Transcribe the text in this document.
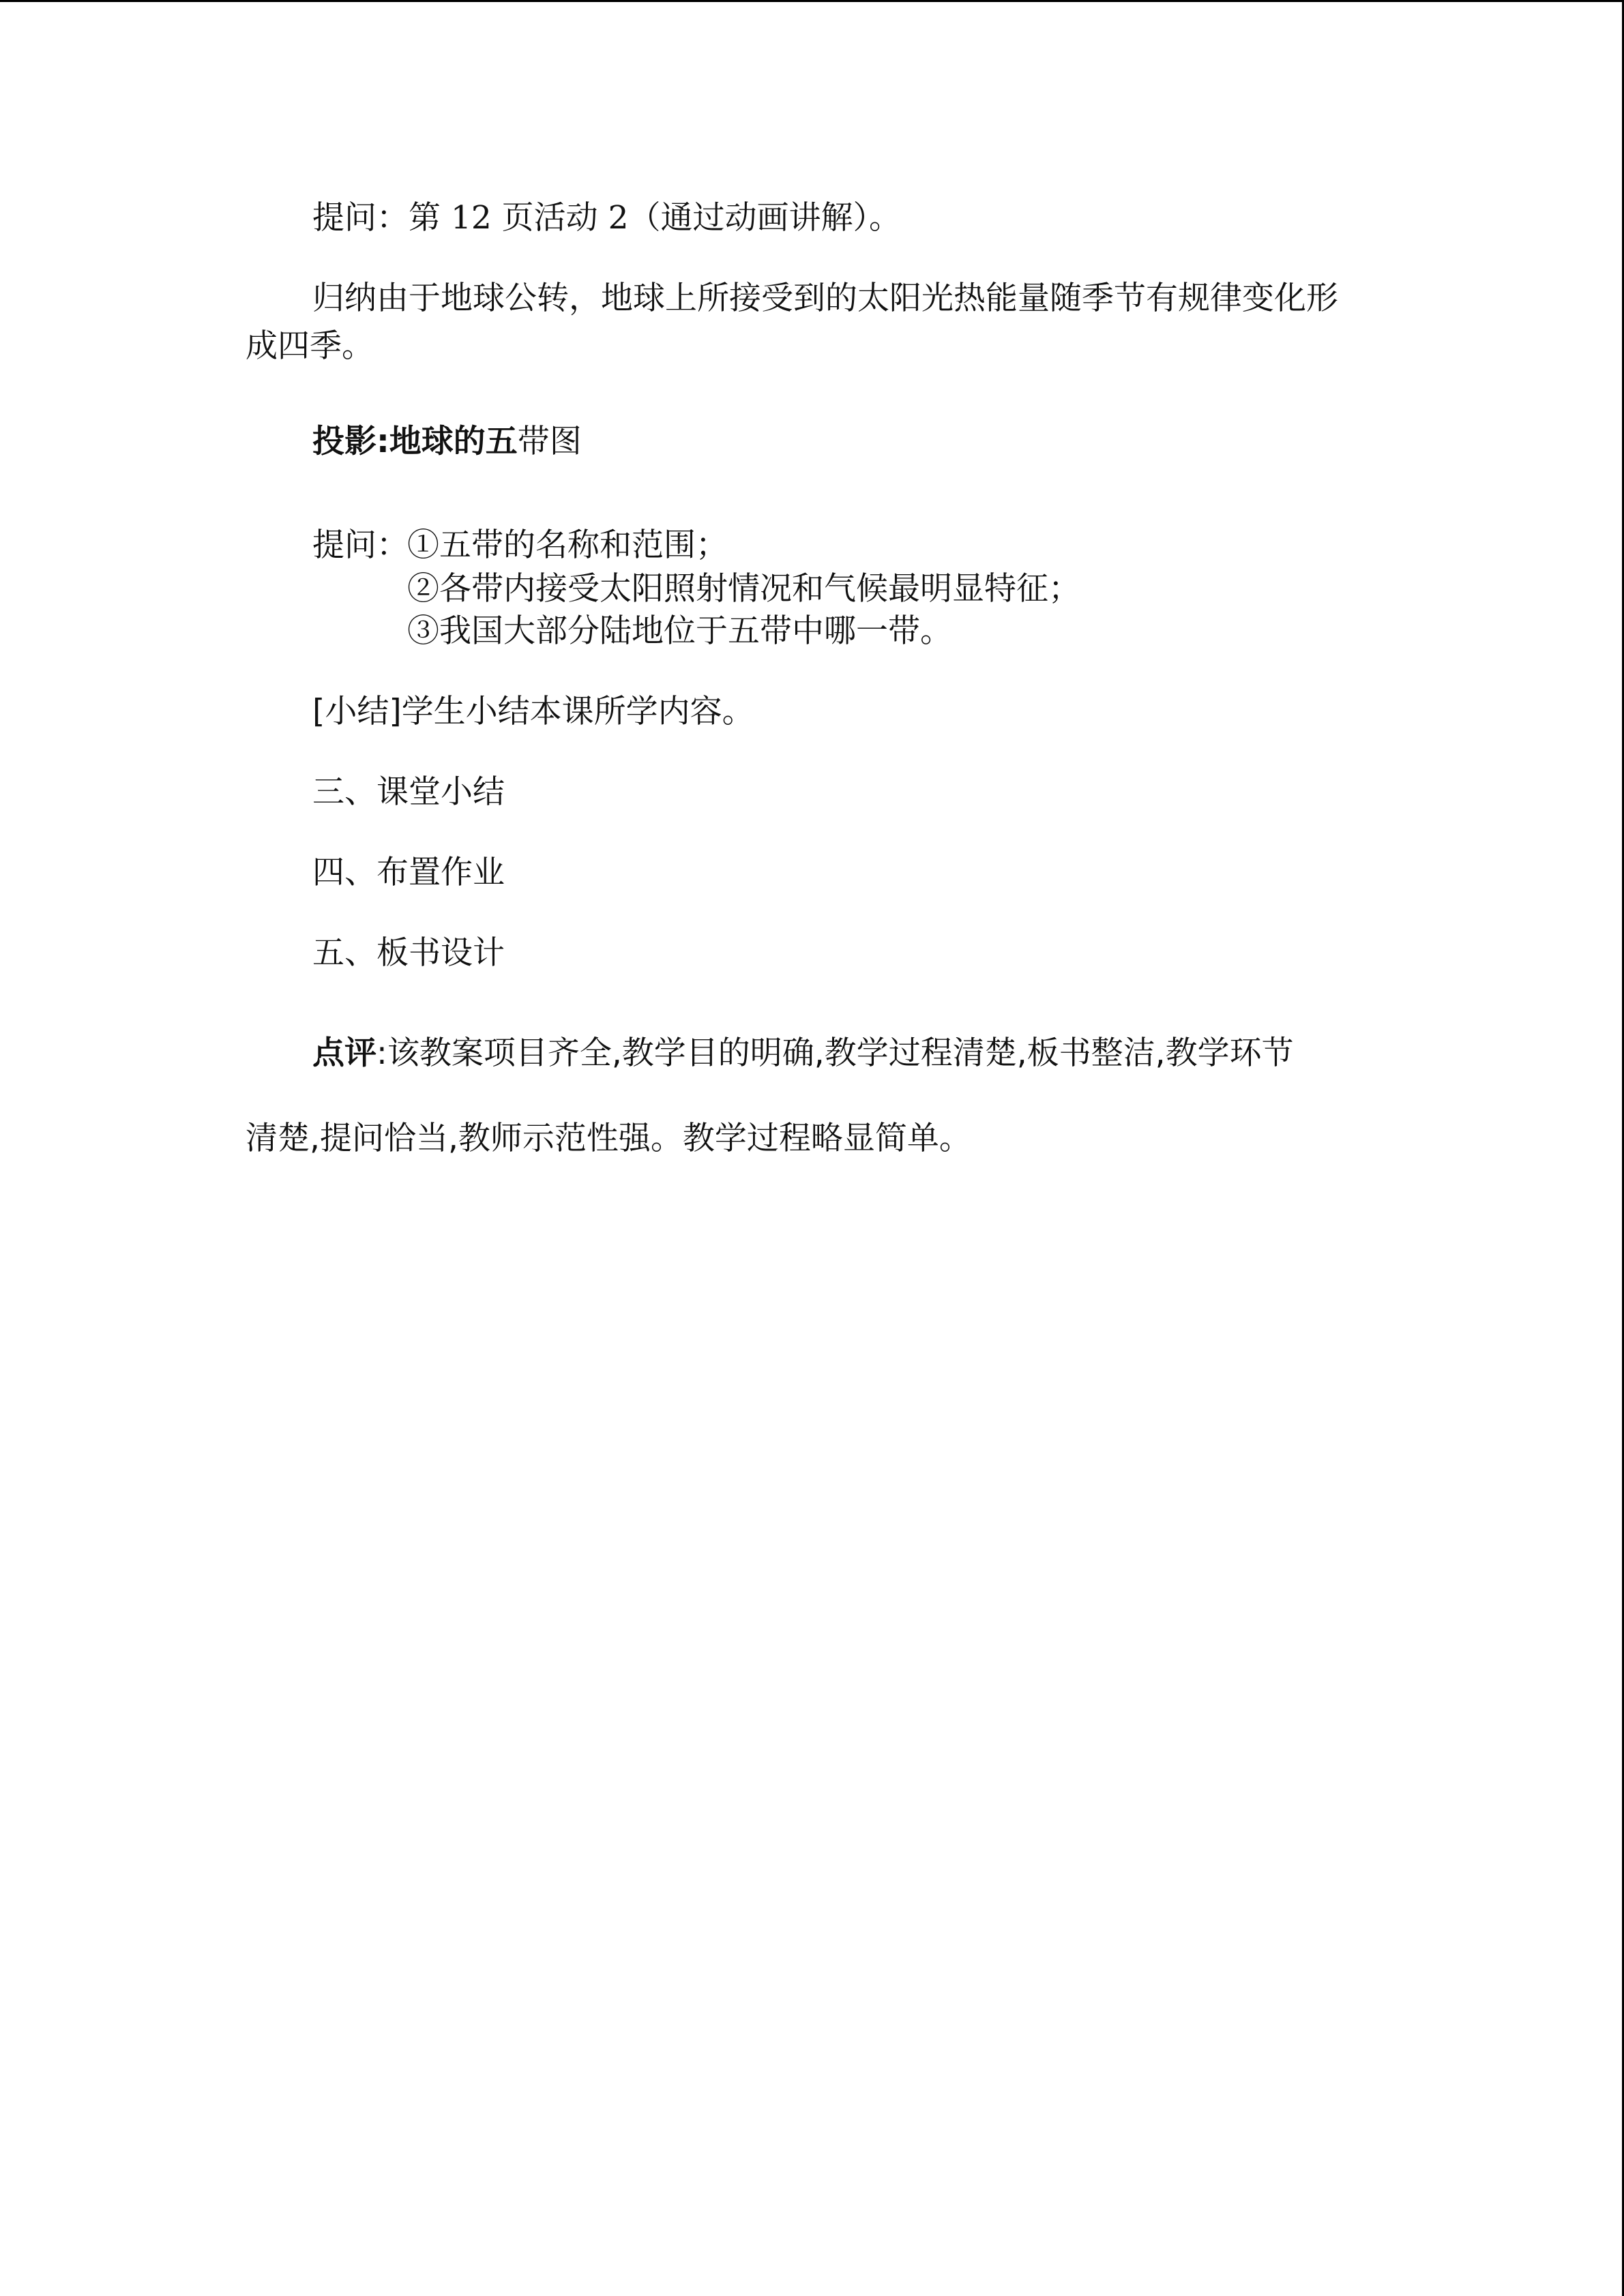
提问：第 12 页活动 2（通过动画讲解）。
归纳由于地球公转，地球上所接受到的太阳光热能量随季节有规律变化形
成四季。
投影:地球的五带图
提问：
①五带的名称和范围；
②各带内接受太阳照射情况和气候最明显特征；
③我国大部分陆地位于五带中哪一带。
[小结]学生小结本课所学内容。
三、课堂小结
四、布置作业
五、板书设计
点评:该教案项目齐全,教学目的明确,教学过程清楚,板书整洁,教学环节
清楚,提问恰当,教师示范性强。教学过程略显简单。
